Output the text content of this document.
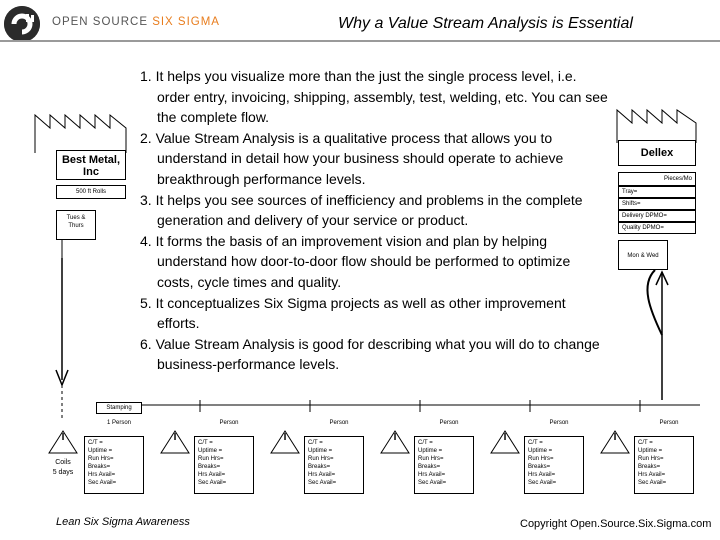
OPEN SOURCE SIX SIGMA	Why a Value Stream Analysis is Essential
1. It helps you visualize more than the just the single process level, i.e. order entry, invoicing, shipping, assembly, test, welding, etc. You can see the complete flow.
2. Value Stream Analysis is a qualitative process that allows you to understand in detail how your business should operate to achieve breakthrough performance levels.
3. It helps you see sources of inefficiency and problems in the complete generation and delivery of your service or product.
4. It forms the basis of an improvement vision and plan by helping understand how door-to-door flow should be performed to optimize costs, cycle times and quality.
5. It conceptualizes Six Sigma projects as well as other improvement efforts.
6. Value Stream Analysis is good for describing what you will do to change business-performance levels.
Best Metal, Inc
500 ft Rolls
Tues & Thurs
Dellex
Pieces/Mo
Tray=
Shifts=
Delivery DPMO=
Quality DPMO=
Mon & Wed
Stamping
1 Person
C/T =
Uptime =
Run Hrs=
Breaks=
Hrs Avail=
Sec Avail=
I
Coils
5 days
Person
C/T =
Uptime =
Run Hrs=
Breaks=
Hrs Avail=
Sec Avail=
I
Person
C/T =
Uptime =
Run Hrs=
Breaks=
Hrs Avail=
Sec Avail=
I
Person
C/T =
Uptime =
Run Hrs=
Breaks=
Hrs Avail=
Sec Avail=
I
Person
C/T =
Uptime =
Run Hrs=
Breaks=
Hrs Avail=
Sec Avail=
I
Person
C/T =
Uptime =
Run Hrs=
Breaks=
Hrs Avail=
Sec Avail=
I
Lean Six Sigma Awareness	Copyright Open.Source.Six.Sigma.com
